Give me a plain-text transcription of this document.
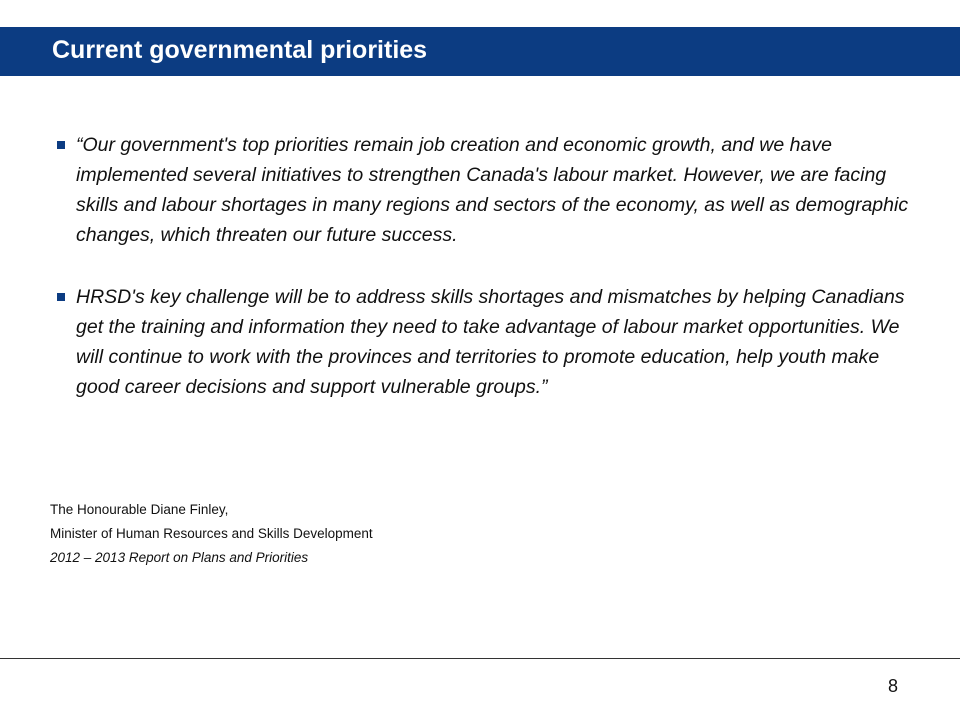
Current governmental priorities
“Our government's top priorities remain job creation and economic growth, and we have implemented several initiatives to strengthen Canada's labour market. However, we are facing skills and labour shortages in many regions and sectors of the economy, as well as demographic changes, which threaten our future success.
HRSD's key challenge will be to address skills shortages and mismatches by helping Canadians get the training and information they need to take advantage of labour market opportunities. We will continue to work with the provinces and territories to promote education, help youth make good career decisions and support vulnerable groups.”
The Honourable Diane Finley,
Minister of Human Resources and Skills Development
2012 – 2013 Report on Plans and Priorities
8
